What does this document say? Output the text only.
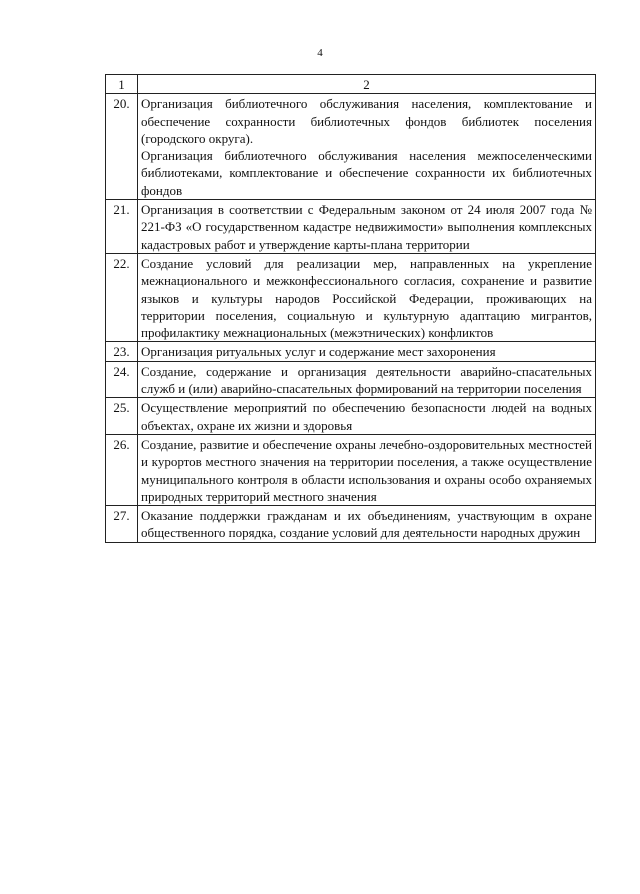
4
1	2
20.	Организация библиотечного обслуживания населения, комплектование и обеспечение сохранности библиотечных фондов библиотек поселения (городского округа).

Организация библиотечного обслуживания населения межпоселенческими библиотеками, комплектование и обеспечение сохранности их библиотечных фондов

21.	Организация в соответствии с Федеральным законом от 24 июля 2007 года № 221-ФЗ «О государственном кадастре недвижимости» выполнения комплексных кадастровых работ и утверждение карты-плана территории

22.	Создание условий для реализации мер, направленных на укрепление межнационального и межконфессионального согласия, сохранение и развитие языков и культуры народов Российской Федерации, проживающих на территории поселения, социальную и культурную адаптацию мигрантов, профилактику межнациональных (межэтнических) конфликтов

23.	Организация ритуальных услуг и содержание мест захоронения

24.	Создание, содержание и организация деятельности аварийно-спасательных служб и (или) аварийно-спасательных формирований на территории поселения

25.	Осуществление мероприятий по обеспечению безопасности людей на водных объектах, охране их жизни и здоровья

26.	Создание, развитие и обеспечение охраны лечебно-оздоровительных местностей и курортов местного значения на территории поселения, а также осуществление муниципального контроля в области использования и охраны особо охраняемых природных территорий местного значения

27.	Оказание поддержки гражданам и их объединениям, участвующим в охране общественного порядка, создание условий для деятельности народных дружин
